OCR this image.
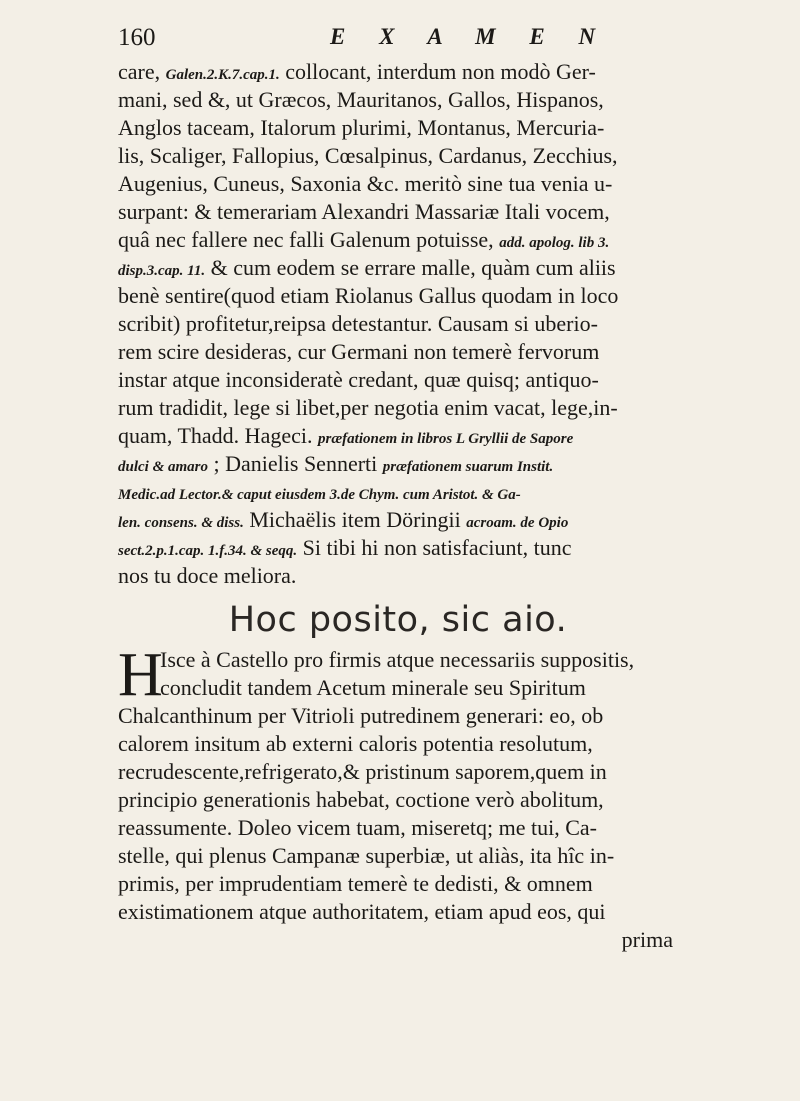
160	E X A M E N
care, Galen.2.K.7.cap.1. collocant, interdum non modò Ger-
mani, sed &, ut Græcos, Mauritanos, Gallos, Hispanos,
Anglos taceam, Italorum plurimi, Montanus, Mercuria-
lis, Scaliger, Fallopius, Cœsalpinus, Cardanus, Zecchius,
Augenius, Cuneus, Saxonia &c. meritò sine tua venia u-
surpant: & temerariam Alexandri Massariæ Itali vocem,
quâ nec fallere nec falli Galenum potuisse, add. apolog. lib 3.
disp.3.cap. 11. & cum eodem se errare malle, quàm cum aliis
benè sentire(quod etiam Riolanus Gallus quodam in loco
scribit) profitetur,reipsa detestantur. Causam si uberio-
rem scire desideras, cur Germani non temerè fervorum
instar atque inconsideratè credant, quæ quisq; antiquo-
rum tradidit, lege si libet,per negotia enim vacat, lege,in-
quam, Thadd. Hageci. præfationem in libros L Gryllii de Sapore
dulci & amaro ; Danielis Sennerti præfationem suarum Instit.
Medic.ad Lector.& caput eiusdem 3.de Chym. cum Aristot. & Ga-
len. consens. & diss. Michaëlis item Döringii acroam. de Opio
sect.2.p.1.cap. 1.f.34. & seqq. Si tibi hi non satisfaciunt, tunc
nos tu doce meliora.
Hoc posito, sic aio.
H
Isce à Castello pro firmis atque necessariis suppositis,
concludit tandem Acetum minerale seu Spiritum
Chalcanthinum per Vitrioli putredinem generari: eo, ob
calorem insitum ab externi caloris potentia resolutum,
recrudescente,refrigerato,& pristinum saporem,quem in
principio generationis habebat, coctione verò abolitum,
reassumente. Doleo vicem tuam, miseretq; me tui, Ca-
stelle, qui plenus Campanæ superbiæ, ut aliàs, ita hîc in-
primis, per imprudentiam temerè te dedisti, & omnem
existimationem atque authoritatem, etiam apud eos, qui
prima
